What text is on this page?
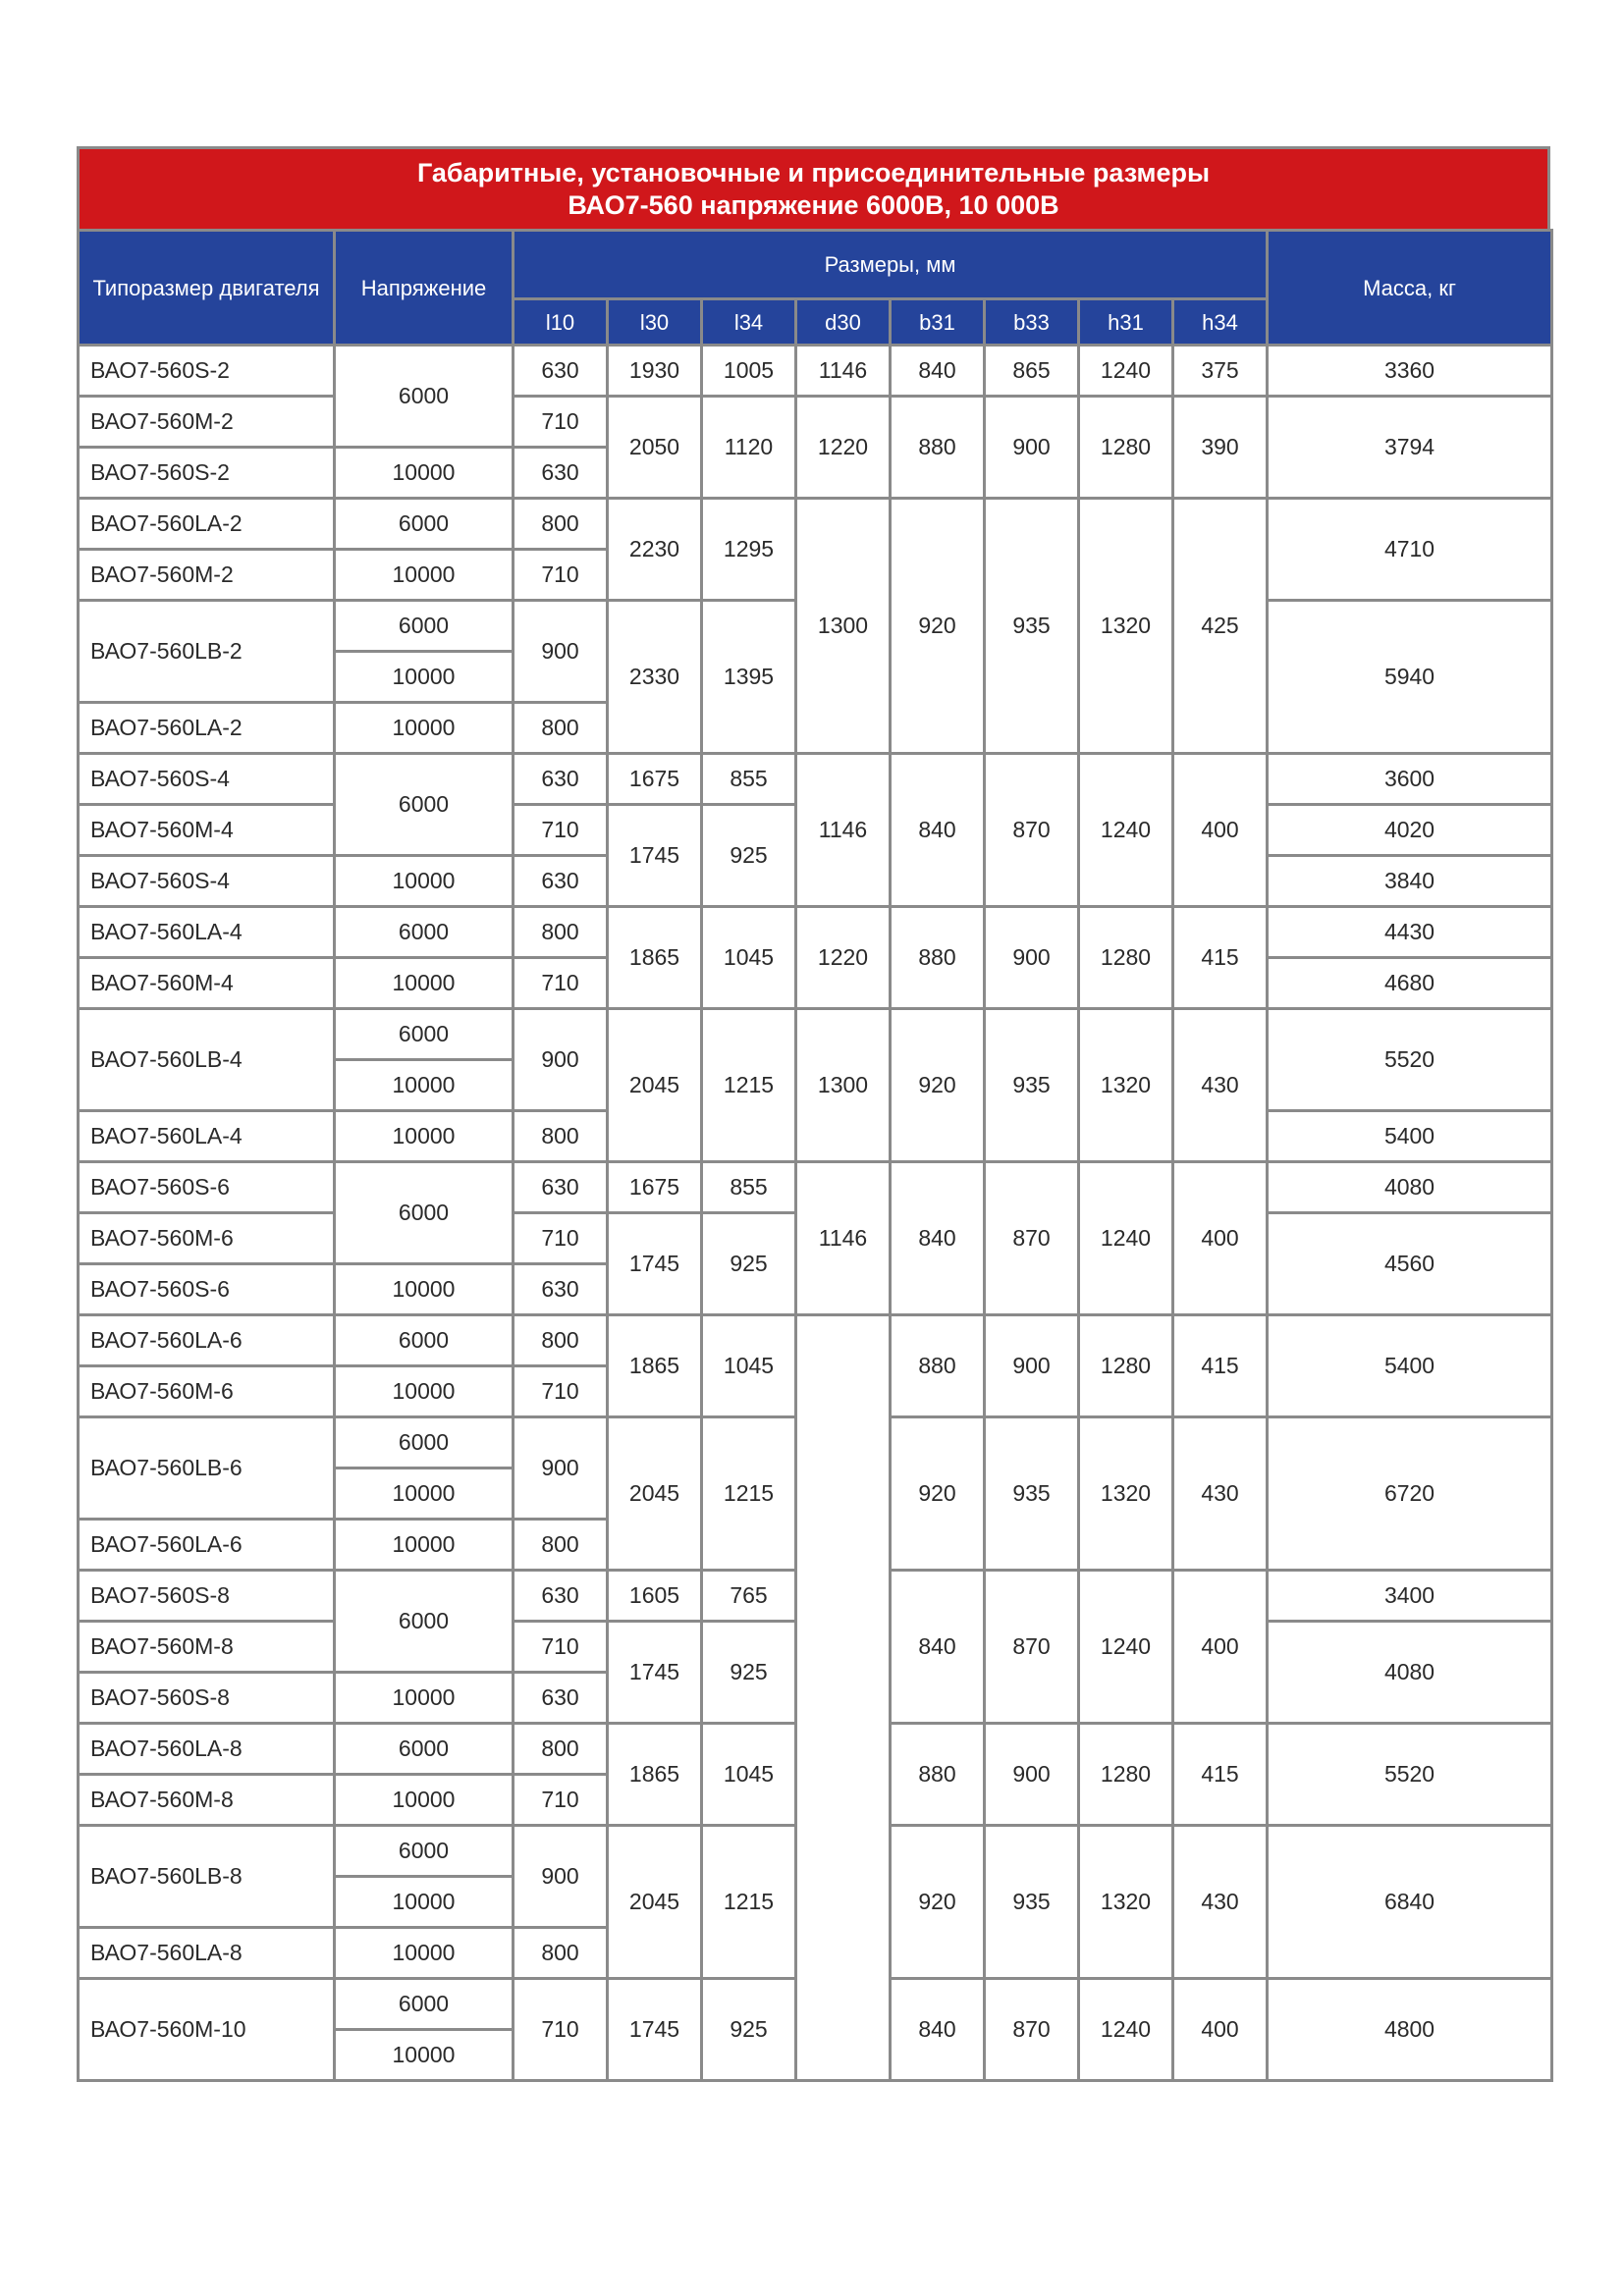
Габаритные, установочные и присоединительные размеры
ВАО7-560 напряжение 6000В, 10 000В
Типоразмер двигателя	Напряжение	Размеры, мм								Масса, кг
		l10	l30	l34	d30	b31	b33	h31	h34	
ВАО7-560S-2	6000	630	1930	1005	1146	840	865	1240	375	3360
ВАО7-560M-2		710	2050	1120	1220	880	900	1280	390	3794
ВАО7-560S-2	10000	630								
ВАО7-560LA-2	6000	800	2230	1295	1300	920	935	1320	425	4710
ВАО7-560M-2	10000	710								
ВАО7-560LB-2	6000	900	2330	1395						5940
	10000									
ВАО7-560LA-2	10000	800								
ВАО7-560S-4	6000	630	1675	855	1146	840	870	1240	400	3600
ВАО7-560M-4		710	1745	925						4020
ВАО7-560S-4	10000	630								3840
ВАО7-560LA-4	6000	800	1865	1045	1220	880	900	1280	415	4430
ВАО7-560M-4	10000	710								4680
ВАО7-560LB-4	6000	900	2045	1215	1300	920	935	1320	430	5520
	10000									
ВАО7-560LA-4	10000	800								5400
ВАО7-560S-6	6000	630	1675	855	1146	840	870	1240	400	4080
ВАО7-560M-6		710	1745	925						4560
ВАО7-560S-6	10000	630								
ВАО7-560LA-6	6000	800	1865	1045		880	900	1280	415	5400
ВАО7-560M-6	10000	710								
ВАО7-560LB-6	6000	900	2045	1215		920	935	1320	430	6720
	10000									
ВАО7-560LA-6	10000	800								
ВАО7-560S-8	6000	630	1605	765		840	870	1240	400	3400
ВАО7-560M-8		710	1745	925						4080
ВАО7-560S-8	10000	630								
ВАО7-560LA-8	6000	800	1865	1045		880	900	1280	415	5520
ВАО7-560M-8	10000	710								
ВАО7-560LB-8	6000	900	2045	1215		920	935	1320	430	6840
	10000									
ВАО7-560LA-8	10000	800								
ВАО7-560M-10	6000	710	1745	925		840	870	1240	400	4800
	10000									
